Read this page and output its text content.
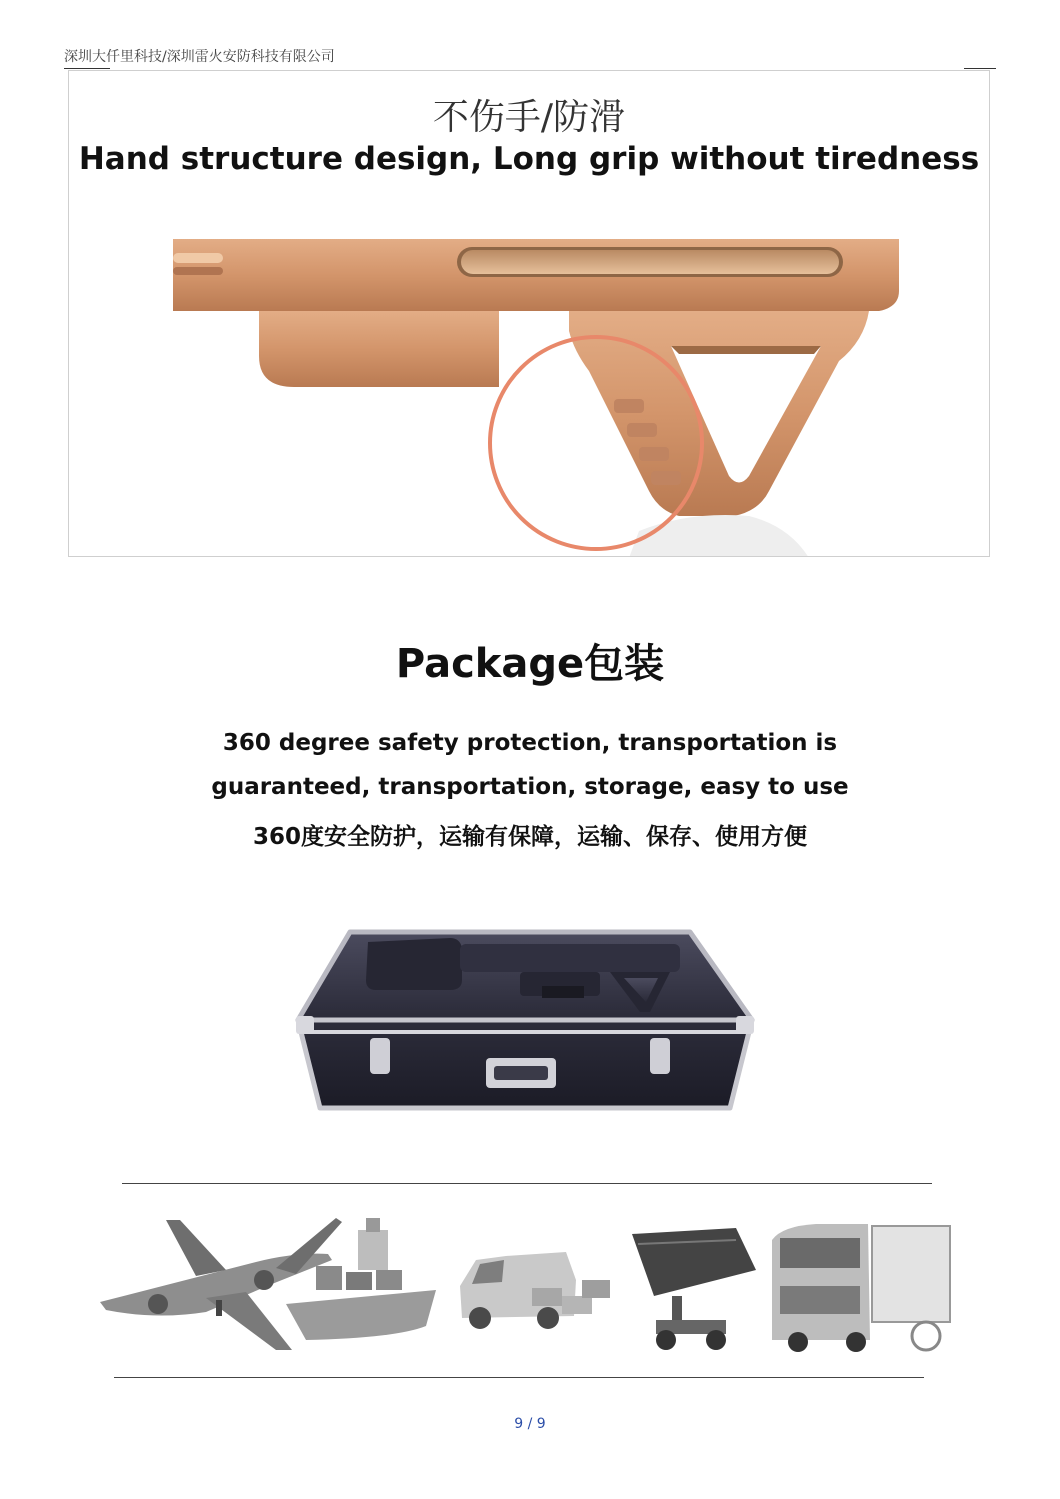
深圳大仟里科技/深圳雷火安防科技有限公司
不伤手/防滑
Hand structure design, Long grip without tiredness
Package包装
360 degree safety protection, transportation is
guaranteed, transportation, storage, easy to use
360度安全防护，运输有保障，运输、保存、使用方便
9 / 9
